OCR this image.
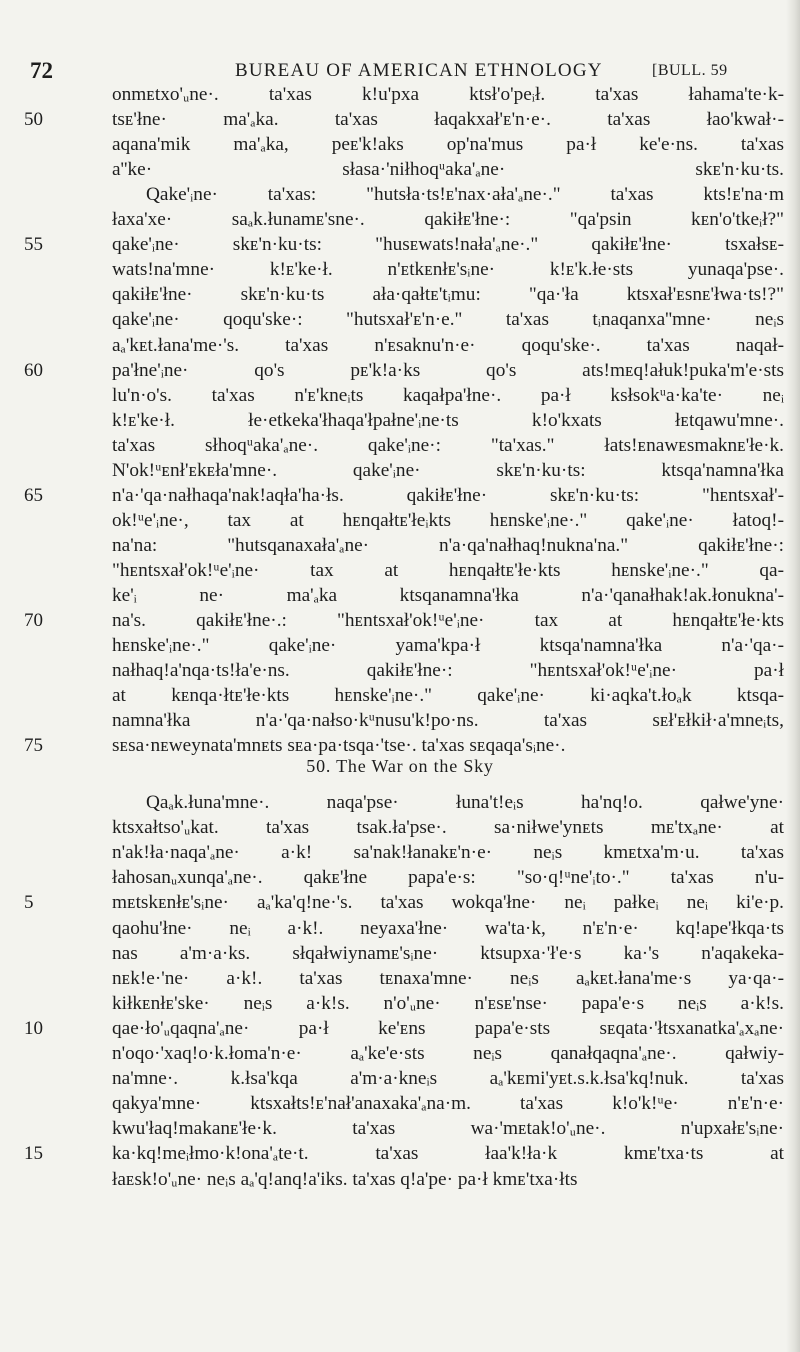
72	BUREAU OF AMERICAN ETHNOLOGY	[BULL. 59
onmᴇtxo'ᵤne·. ta'xas k!u'pxa ktsł'o'peᵢł. ta'xas łahama'te·k-
50	tsᴇ'łne· ma'ₐka. ta'xas łaqakxał'ᴇ'n·e·. ta'xas łao'kwał·-
aqana'mik ma'ₐka, peᴇ'k!aks op'na'mus pa·ł ke'e·ns. ta'xas
a''ke· słasa·'niłhoqᵘaka'ₐne· skᴇ'n·ku·ts.
Qake'ᵢne· ta'xas: "hutsła·ts!ᴇ'nax·ała'ₐne·." ta'xas kts!ᴇ'na·m
łaxa'xe· saₐk.łunamᴇ'sne·. qakiłᴇ'łne·: "qa'psin kᴇn'o'tkeᵢł?"
55	qake'ᵢne· skᴇ'n·ku·ts: "husᴇwats!nała'ₐne·." qakiłᴇ'łne· tsxałsᴇ-
wats!na'mne· k!ᴇ'ke·ł. n'ᴇtkᴇnłᴇ'sᵢne· k!ᴇ'k.łe·sts yunaqa'pse·.
qakiłᴇ'łne· skᴇ'n·ku·ts ała·qałtᴇ'tᵢmu: "qa·'ła ktsxał'ᴇsnᴇ'łwa·ts!?"
qake'ᵢne· qoqu'ske·: "hutsxał'ᴇ'n·e." ta'xas tᵢnaqanxa''mne· neᵢs
aₐ'kᴇt.łana'me·'s. ta'xas n'ᴇsaknu'n·e· qoqu'ske·. ta'xas naqał-
60	pa'łne'ᵢne· qo's pᴇ'k!a·ks qo's ats!mᴇq!ałuk!puka'm'e·sts
lu'n·o's. ta'xas n'ᴇ'kneᵢts kaqałpa'łne·. pa·ł ksłsokᵘa·ka'te· neᵢ
k!ᴇ'ke·ł. łe·etkeka'łhaqa'łpałne'ᵢne·ts k!o'kxats łᴇtqawu'mne·.
ta'xas słhoqᵘaka'ₐne·. qake'ᵢne·: "ta'xas." łats!ᴇnawᴇsmaknᴇ'łe·k.
N'ok!ᵘᴇnł'ᴇkᴇła'mne·. qake'ᵢne· skᴇ'n·ku·ts: ktsqa'namna'łka
65	n'a·'qa·nałhaqa'nak!aqła'ha·łs. qakiłᴇ'łne· skᴇ'n·ku·ts: "hᴇntsxał'-
ok!ᵘe'ᵢne·, tax at hᴇnqałtᴇ'łeᵢkts hᴇnske'ᵢne·." qake'ᵢne· łatoq!-
na'na: "hutsqanaxała'ₐne· n'a·qa'nałhaq!nukna'na." qakiłᴇ'łne·:
"hᴇntsxał'ok!ᵘe'ᵢne· tax at hᴇnqałtᴇ'łe·kts hᴇnske'ᵢne·." qa-
ke'ᵢ ne· ma'ₐka ktsqanamna'łka n'a·'qanałhak!ak.łonukna'-
70	na's. qakiłᴇ'łne·.: "hᴇntsxał'ok!ᵘe'ᵢne· tax at hᴇnqałtᴇ'łe·kts
hᴇnske'ᵢne·." qake'ᵢne· yama'kpa·ł ktsqa'namna'łka n'a·'qa·-
nałhaq!a'nqa·ts!ła'e·ns. qakiłᴇ'łne·: "hᴇntsxał'ok!ᵘe'ᵢne· pa·ł
at kᴇnqa·łtᴇ'łe·kts hᴇnske'ᵢne·." qake'ᵢne· ki·aqka't.łoₐk ktsqa-
namna'łka n'a·'qa·nałso·kᵘnusu'k!po·ns. ta'xas sᴇł'ᴇłkił·a'mneᵢts,
75	sᴇsa·nᴇweynata'mnᴇts sᴇa·pa·tsqa·'tse·. ta'xas sᴇqaqa'sᵢne·.
50. The War on the Sky
Qaₐk.łuna'mne·. naqa'pse· łuna't!eᵢs ha'nq!o. qałwe'yne·
ktsxałtso'ᵤkat. ta'xas tsak.ła'pse·. sa·niłwe'ynᴇts mᴇ'txₐne· at
n'ak!ła·naqa'ₐne· a·k! sa'nak!łanakᴇ'n·e· neᵢs kmᴇtxa'm·u. ta'xas
łahosanᵤxunqa'ₐne·. qakᴇ'łne papa'e·s: "so·q!ᵘne'ᵢto·." ta'xas n'u-
5	mᴇtskᴇnłᴇ'sᵢne· aₐ'ka'q!ne·'s. ta'xas wokqa'łne· neᵢ pałkeᵢ neᵢ ki'e·p.
qaohu'łne· neᵢ a·k!. neyaxa'łne· wa'ta·k, n'ᴇ'n·e· kq!ape'łkqa·ts
nas a'm·a·ks. słqałwiynamᴇ'sᵢne· ktsupxa·'ł'e·s ka·'s n'aqakeka-
nᴇk!e·'ne· a·k!. ta'xas tᴇnaxa'mne· neᵢs aₐkᴇt.łana'me·s ya·qa·-
kiłkᴇnłᴇ'ske· neᵢs a·k!s. n'o'ᵤne· n'ᴇsᴇ'nse· papa'e·s neᵢs a·k!s.
10	qae·ło'ᵤqaqna'ₐne· pa·ł ke'ᴇns papa'e·sts sᴇqata·'łtsxanatka'ₐxₐne·
n'oqo·'xaq!o·k.łoma'n·e· aₐ'ke'e·sts neᵢs qanałqaqna'ₐne·. qałwiy-
na'mne·. k.łsa'kqa a'm·a·kneᵢs aₐ'kᴇmi'yᴇt.s.k.łsa'kq!nuk. ta'xas
qakya'mne· ktsxałts!ᴇ'nał'anaxaka'ₐna·m. ta'xas k!o'k!ᵘe· n'ᴇ'n·e·
kwu'łaq!makanᴇ'łe·k. ta'xas wa·'mᴇtak!o'ᵤne·. n'upxałᴇ'sᵢne·
15	ka·kq!meᵢłmo·k!ona'ₐte·t. ta'xas łaa'k!ła·k kmᴇ'txa·ts at
łaᴇsk!o'ᵤne· neᵢs aₐ'q!anq!a'iks. ta'xas q!a'pe· pa·ł kmᴇ'txa·łts
